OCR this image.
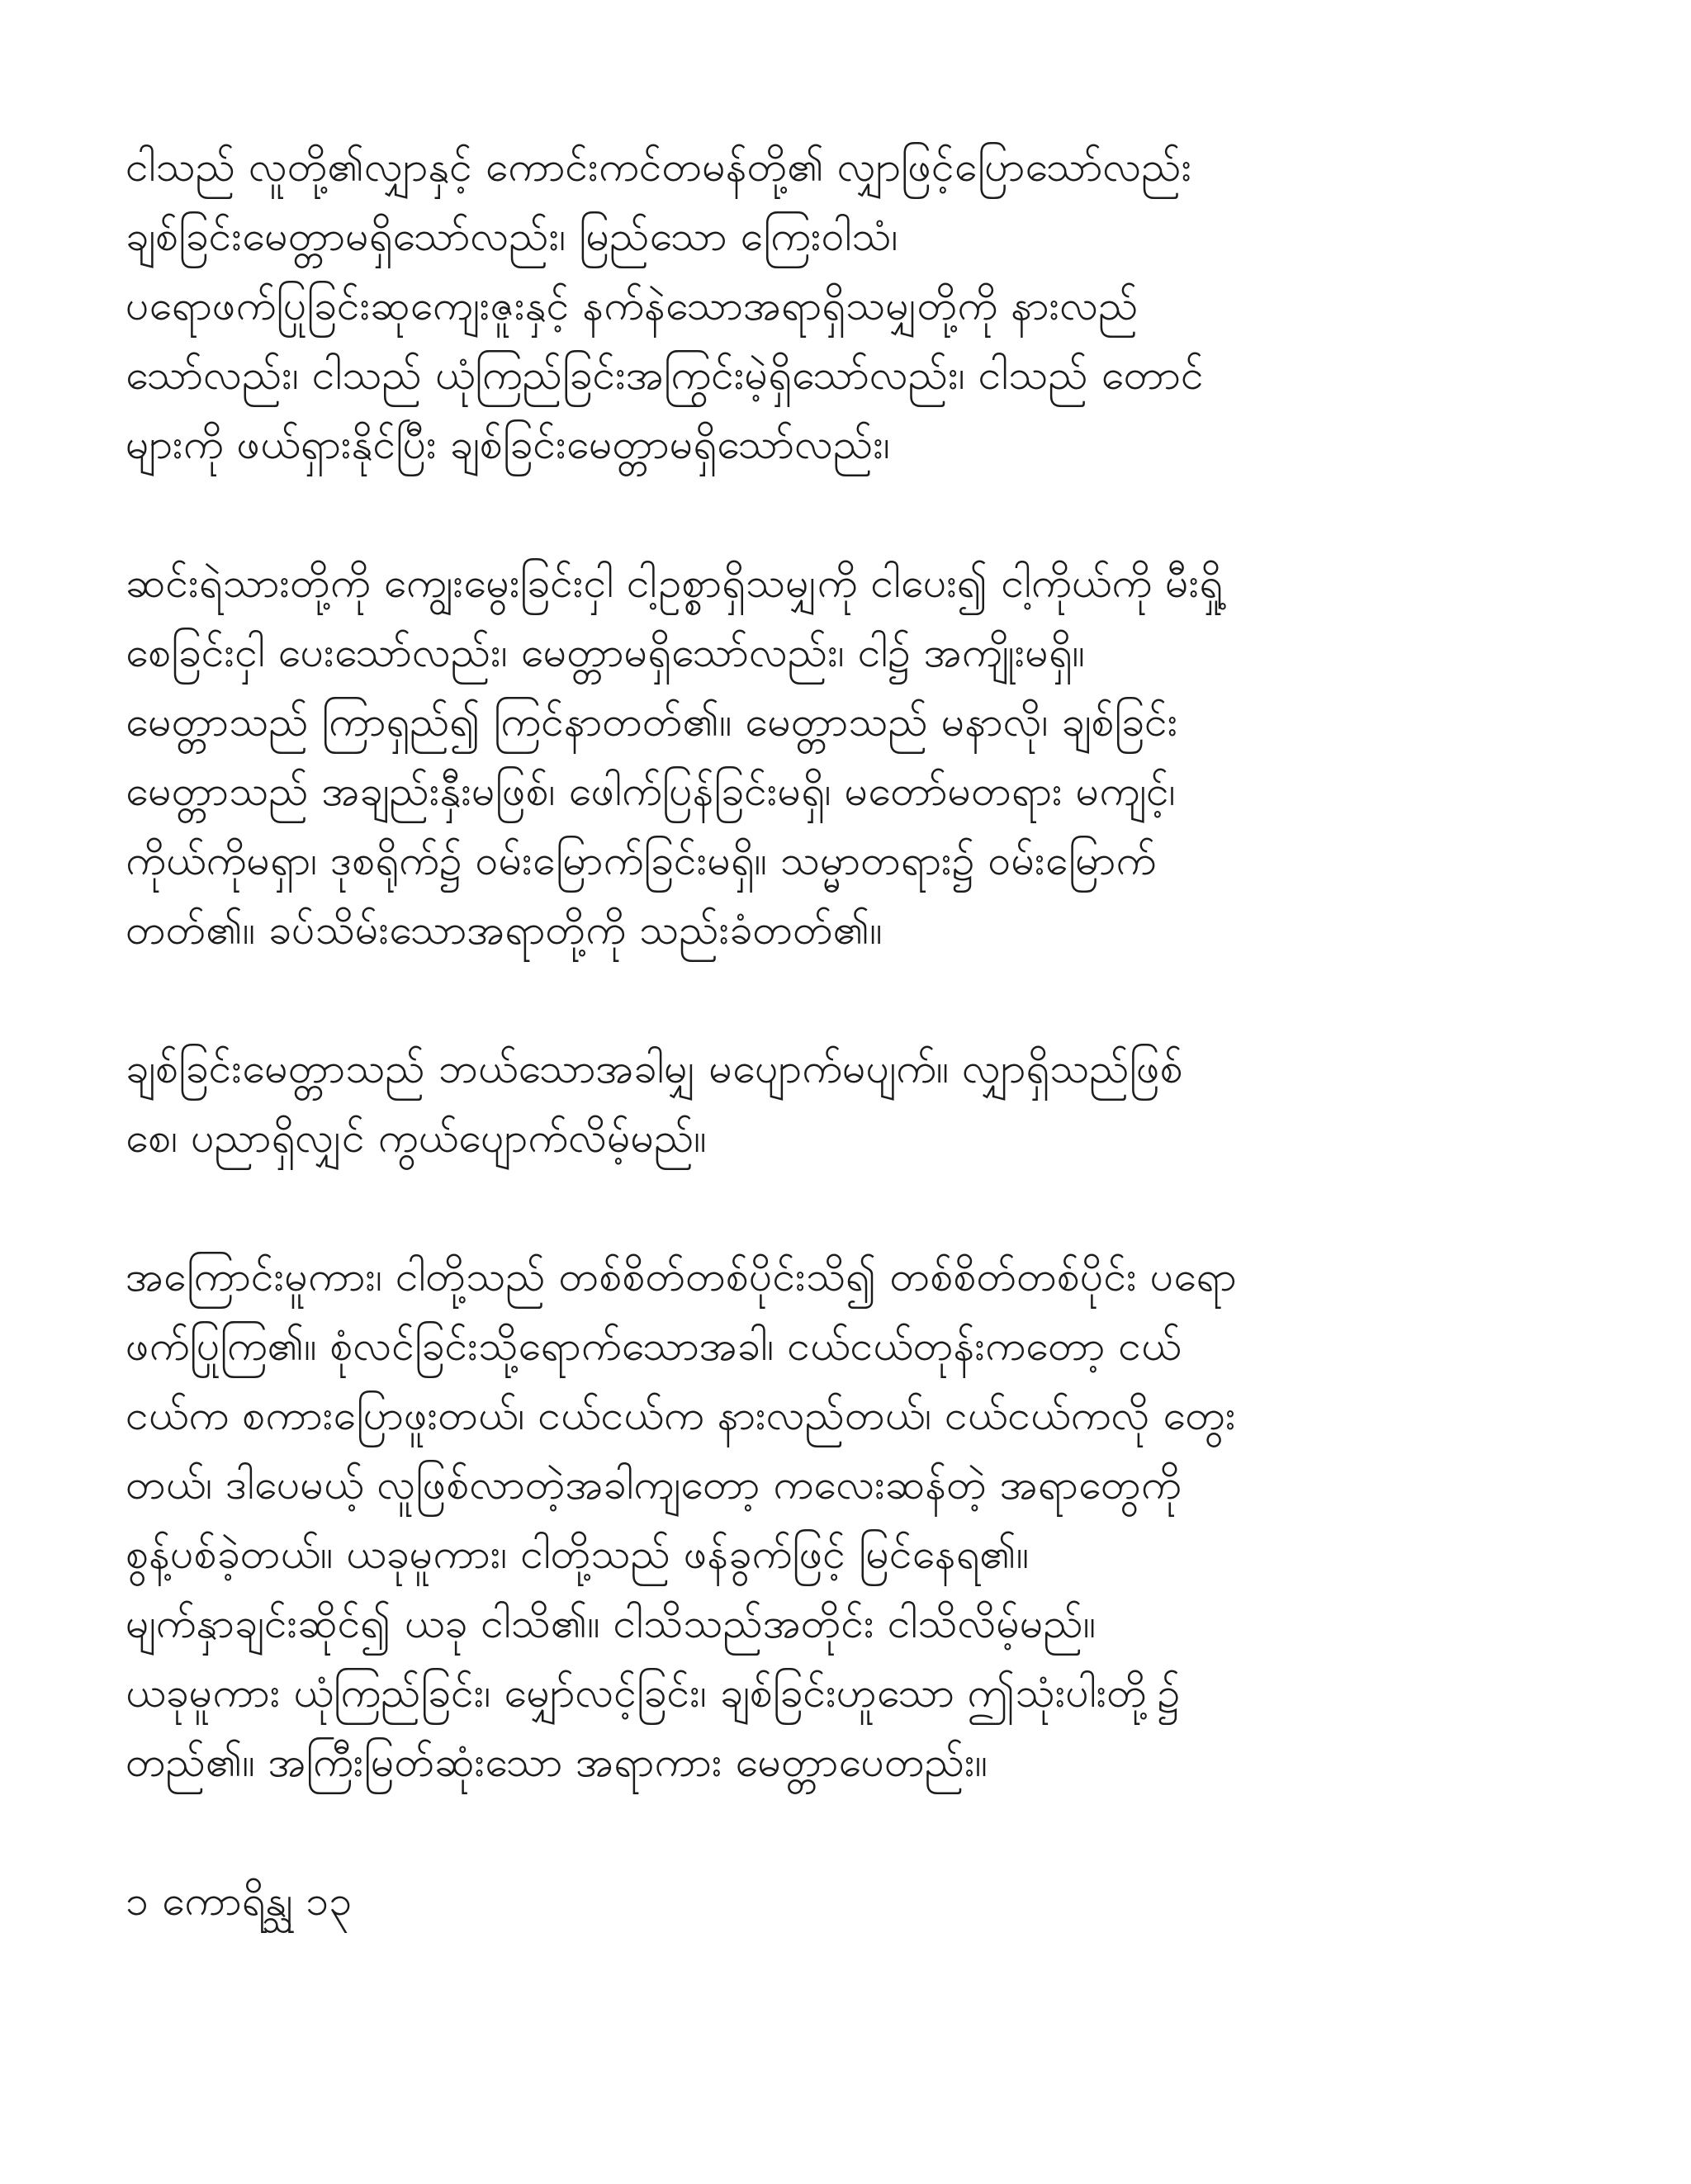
ငါသည် လူတို့၏လျှာနှင့် ကောင်းကင်တမန်တို့၏ လျှာဖြင့်ပြောသော်လည်း
ချစ်ခြင်းမေတ္တာမရှိသော်လည်း၊ မြည်သော ကြေးဝါသံ၊
ပရောဖက်ပြုခြင်းဆုကျေးဇူးနှင့် နက်နဲသောအရာရှိသမျှတို့ကို နားလည်
သော်လည်း၊ ငါသည် ယုံကြည်ခြင်းအကြွင်းမဲ့ရှိသော်လည်း၊ ငါသည် တောင်
များကို ဖယ်ရှားနိုင်ပြီး ချစ်ခြင်းမေတ္တာမရှိသော်လည်း၊

ဆင်းရဲသားတို့ကို ကျွေးမွေးခြင်းငှါ ငါ့ဥစ္စာရှိသမျှကို ငါပေး၍ ငါ့ကိုယ်ကို မီးရှို့
စေခြင်းငှါ ပေးသော်လည်း၊ မေတ္တာမရှိသော်လည်း၊ ငါ၌ အကျိုးမရှိ။
မေတ္တာသည် ကြာရှည်၍ ကြင်နာတတ်၏။ မေတ္တာသည် မနာလို၊ ချစ်ခြင်း
မေတ္တာသည် အချည်းနှီးမဖြစ်၊ ဖေါက်ပြန်ခြင်းမရှိ၊ မတော်မတရား မကျင့်၊
ကိုယ်ကိုမရှာ၊ ဒုစရိုက်၌ ဝမ်းမြောက်ခြင်းမရှိ။ သမ္မာတရား၌ ဝမ်းမြောက်
တတ်၏။ ခပ်သိမ်းသောအရာတို့ကို သည်းခံတတ်၏။

ချစ်ခြင်းမေတ္တာသည် ဘယ်သောအခါမျှ မပျောက်မပျက်။ လျှာရှိသည်ဖြစ်
စေ၊ ပညာရှိလျှင် ကွယ်ပျောက်လိမ့်မည်။

အကြောင်းမူကား၊ ငါတို့သည် တစ်စိတ်တစ်ပိုင်းသိ၍ တစ်စိတ်တစ်ပိုင်း ပရော
ဖက်ပြုကြ၏။ စုံလင်ခြင်းသို့ရောက်သောအခါ၊ ငယ်ငယ်တုန်းကတော့ ငယ်
ငယ်က စကားပြောဖူးတယ်၊ ငယ်ငယ်က နားလည်တယ်၊ ငယ်ငယ်ကလို တွေး
တယ်၊ ဒါပေမယ့် လူဖြစ်လာတဲ့အခါကျတော့ ကလေးဆန်တဲ့ အရာတွေကို
စွန့်ပစ်ခဲ့တယ်။ ယခုမူကား၊ ငါတို့သည် ဖန်ခွက်ဖြင့် မြင်နေရ၏။
မျက်နှာချင်းဆိုင်၍ ယခု ငါသိ၏။ ငါသိသည်အတိုင်း ငါသိလိမ့်မည်။
ယခုမူကား ယုံကြည်ခြင်း၊ မျှော်လင့်ခြင်း၊ ချစ်ခြင်းဟူသော ဤသုံးပါးတို့၌
တည်၏။ အကြီးမြတ်ဆုံးသော အရာကား မေတ္တာပေတည်း။

၁ ကောရိန္သု ၁၃
